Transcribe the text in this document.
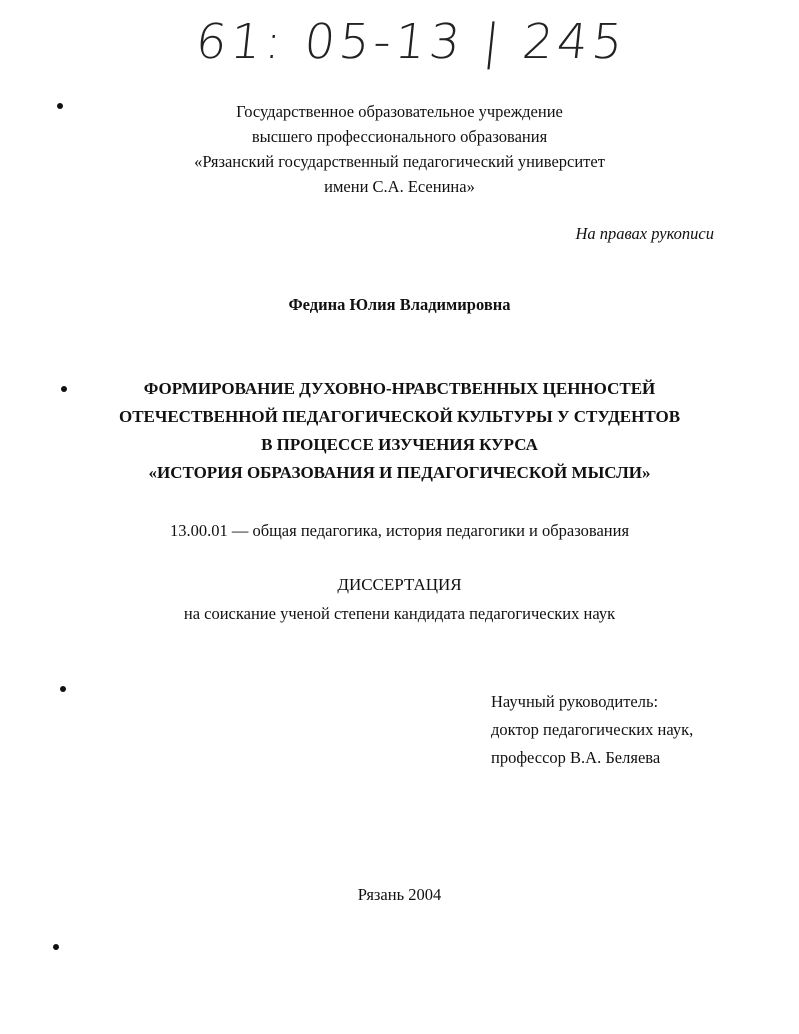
61: 05-13 | 245
Государственное образовательное учреждение
высшего профессионального образования
«Рязанский государственный педагогический университет
имени С.А. Есенина»
На правах рукописи
Федина Юлия Владимировна
ФОРМИРОВАНИЕ ДУХОВНО-НРАВСТВЕННЫХ ЦЕННОСТЕЙ
ОТЕЧЕСТВЕННОЙ ПЕДАГОГИЧЕСКОЙ КУЛЬТУРЫ У СТУДЕНТОВ
В ПРОЦЕССЕ ИЗУЧЕНИЯ КУРСА
«ИСТОРИЯ ОБРАЗОВАНИЯ И ПЕДАГОГИЧЕСКОЙ МЫСЛИ»
13.00.01 — общая педагогика, история педагогики и образования
ДИССЕРТАЦИЯ
на соискание ученой степени кандидата педагогических наук
Научный руководитель:
доктор педагогических наук,
профессор В.А. Беляева
Рязань 2004
